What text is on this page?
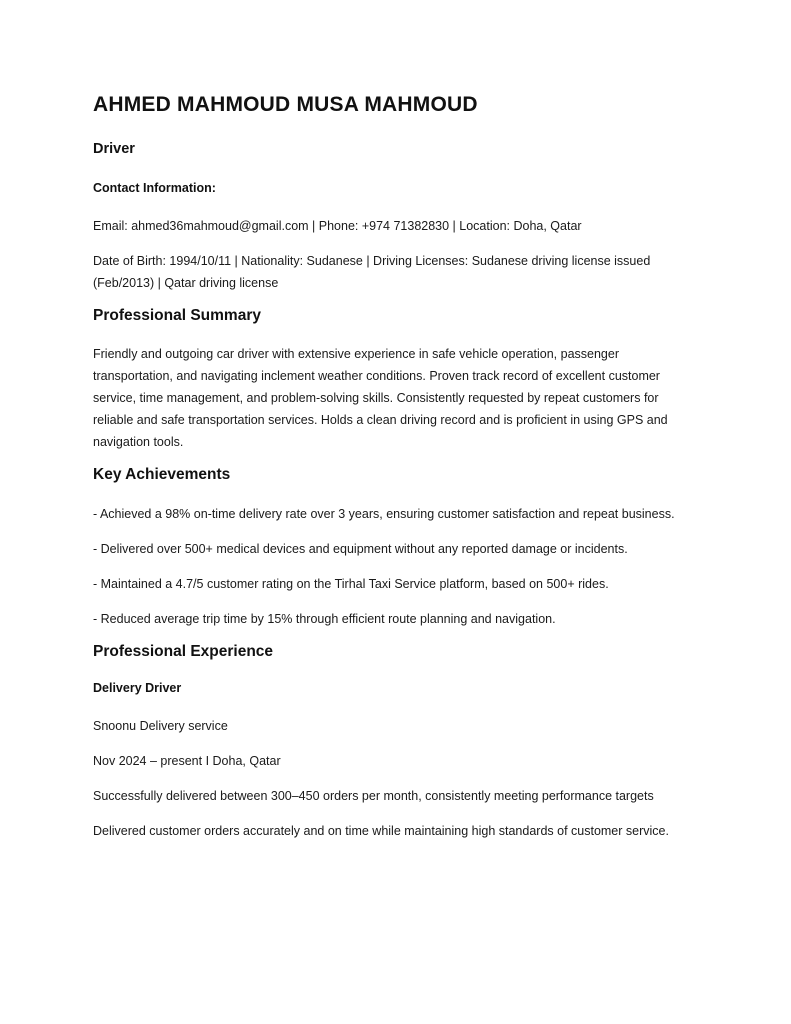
AHMED MAHMOUD MUSA MAHMOUD
Driver
Contact Information:

Email: ahmed36mahmoud@gmail.com | Phone: +974 71382830 | Location: Doha, Qatar

Date of Birth: 1994/10/11 | Nationality: Sudanese | Driving Licenses: Sudanese driving license issued (Feb/2013) | Qatar driving license

Professional Summary

Friendly and outgoing car driver with extensive experience in safe vehicle operation, passenger transportation, and navigating inclement weather conditions. Proven track record of excellent customer service, time management, and problem-solving skills. Consistently requested by repeat customers for reliable and safe transportation services. Holds a clean driving record and is proficient in using GPS and navigation tools.

Key Achievements

- Achieved a 98% on-time delivery rate over 3 years, ensuring customer satisfaction and repeat business.

- Delivered over 500+ medical devices and equipment without any reported damage or incidents.

- Maintained a 4.7/5 customer rating on the Tirhal Taxi Service platform, based on 500+ rides.

- Reduced average trip time by 15% through efficient route planning and navigation.

Professional Experience
Delivery Driver

Snoonu Delivery service

Nov 2024 – present I Doha, Qatar

Successfully delivered between 300–450 orders per month, consistently meeting performance targets

Delivered customer orders accurately and on time while maintaining high standards of customer service.
